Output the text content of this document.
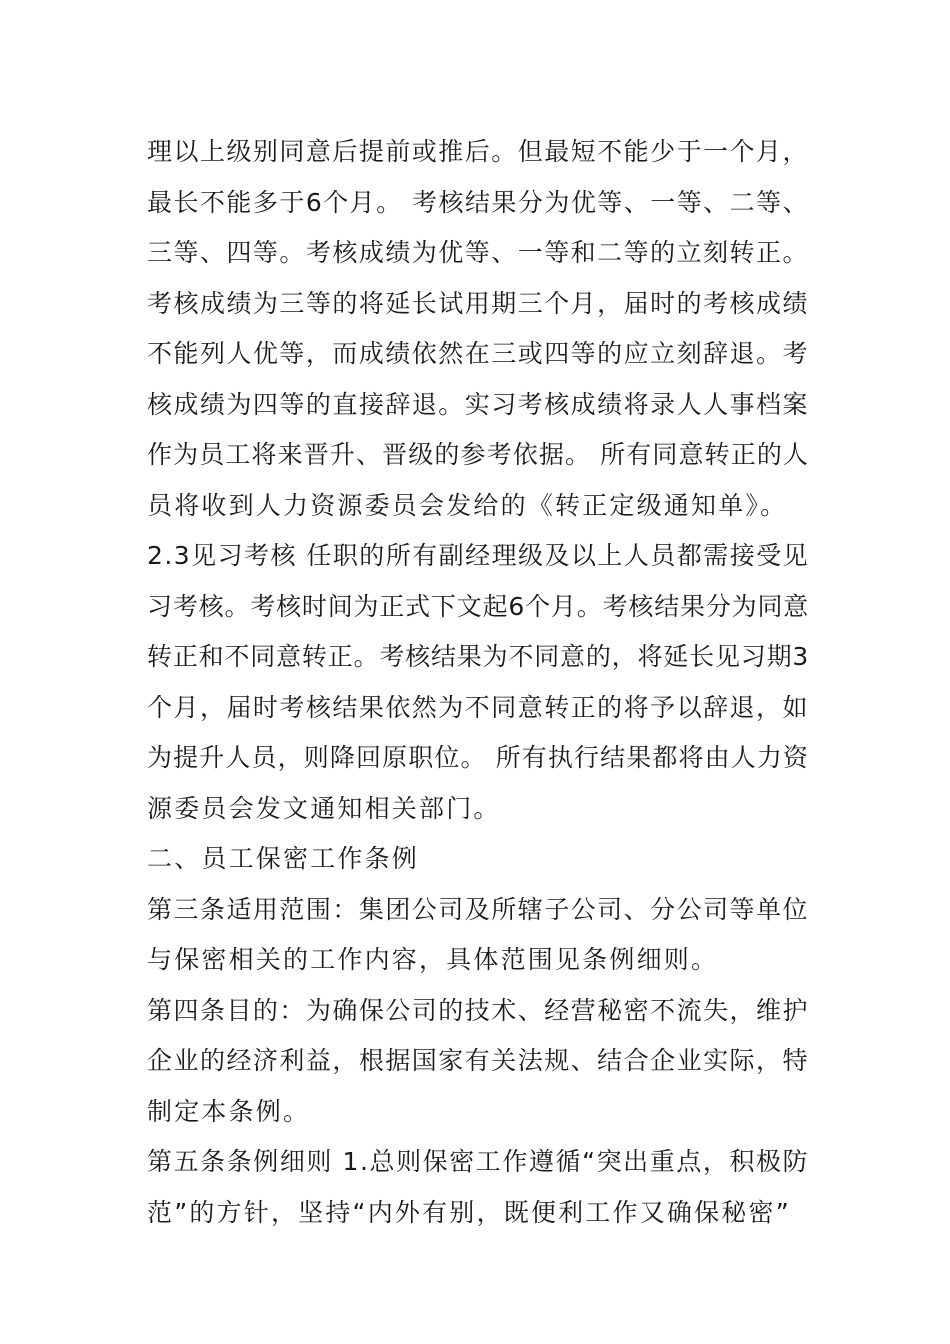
理以上级别同意后提前或推后。但最短不能少于一个月，
最长不能多于6个月。 考核结果分为优等、一等、二等、
三等、四等。考核成绩为优等、一等和二等的立刻转正。
考核成绩为三等的将延长试用期三个月，届时的考核成绩
不能列人优等，而成绩依然在三或四等的应立刻辞退。考
核成绩为四等的直接辞退。实习考核成绩将录人人事档案
作为员工将来晋升、晋级的参考依据。 所有同意转正的人
员将收到人力资源委员会发给的《转正定级通知单》。
2.3见习考核 任职的所有副经理级及以上人员都需接受见
习考核。考核时间为正式下文起6个月。考核结果分为同意
转正和不同意转正。考核结果为不同意的，将延长见习期3
个月，届时考核结果依然为不同意转正的将予以辞退，如
为提升人员，则降回原职位。 所有执行结果都将由人力资
源委员会发文通知相关部门。
二、员工保密工作条例
第三条适用范围：集团公司及所辖子公司、分公司等单位
与保密相关的工作内容，具体范围见条例细则。
第四条目的：为确保公司的技术、经营秘密不流失，维护
企业的经济利益，根据国家有关法规、结合企业实际，特
制定本条例。
第五条条例细则 1.总则保密工作遵循“突出重点，积极防
范”的方针，坚持“内外有别，既便利工作又确保秘密”
